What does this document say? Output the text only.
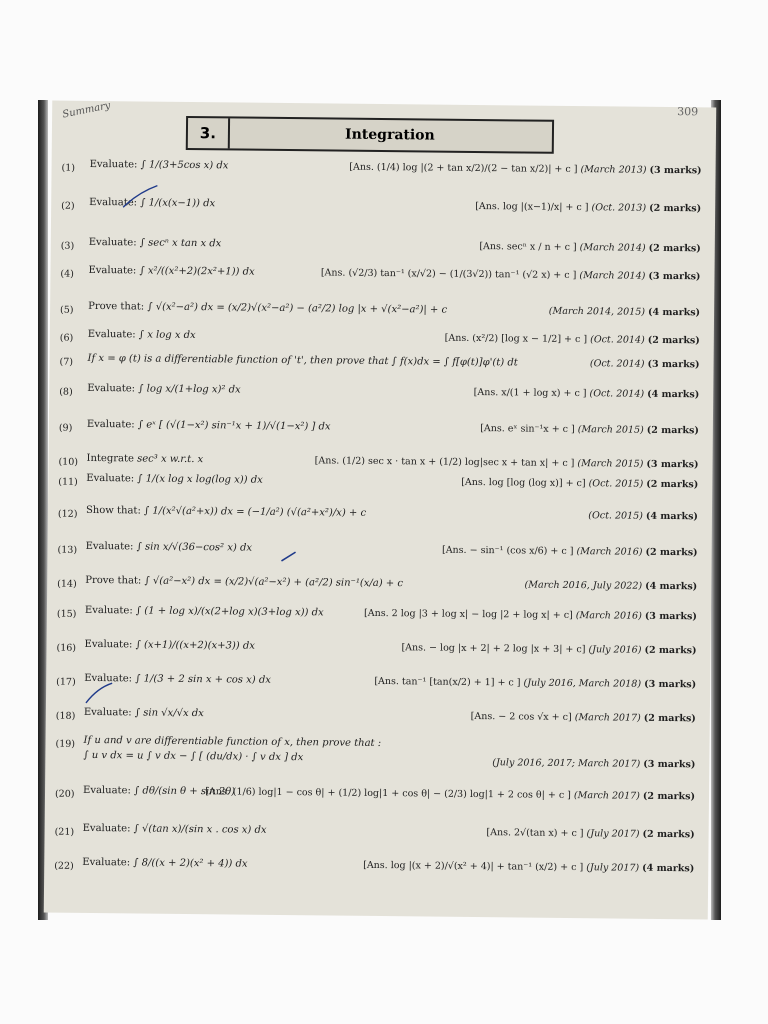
Summary	309
3.	Integration
(1)	Evaluate: ∫ 1/(3+5cos x) dx	[Ans. (1/4) log |(2 + tan x/2)/(2 − tan x/2)| + c ] (March 2013) (3 marks)
(2)	Evaluate: ∫ 1/(x(x−1)) dx	[Ans. log |(x−1)/x| + c ] (Oct. 2013) (2 marks)
(3)	Evaluate: ∫ secⁿ x tan x dx	[Ans. secⁿ x / n + c ] (March 2014) (2 marks)
(4)	Evaluate: ∫ x²/((x²+2)(2x²+1)) dx	[Ans. (√2/3) tan⁻¹ (x/√2) − (1/(3√2)) tan⁻¹ (√2 x) + c ] (March 2014) (3 marks)
(5)	Prove that: ∫ √(x²−a²) dx = (x/2)√(x²−a²) − (a²/2) log |x + √(x²−a²)| + c	(March 2014, 2015) (4 marks)
(6)	Evaluate: ∫ x log x dx	[Ans. (x²/2) [log x − 1/2] + c ] (Oct. 2014) (2 marks)
(7)	If x = φ (t) is a differentiable function of 't', then prove that ∫ f(x)dx = ∫ f[φ(t)]φ'(t) dt	(Oct. 2014) (3 marks)
(8)	Evaluate: ∫ log x/(1+log x)² dx	[Ans. x/(1 + log x) + c ] (Oct. 2014) (4 marks)
(9)	Evaluate: ∫ eˣ [ (√(1−x²) sin⁻¹x + 1)/√(1−x²) ] dx	[Ans. eˣ sin⁻¹x + c ] (March 2015) (2 marks)
(10) Integrate sec³ x w.r.t. x	[Ans. (1/2) sec x · tan x + (1/2) log|sec x + tan x| + c ] (March 2015) (3 marks)
(11) Evaluate: ∫ 1/(x log x log(log x)) dx	[Ans. log [log (log x)] + c] (Oct. 2015) (2 marks)
(12) Show that: ∫ 1/(x²√(a²+x)) dx = (−1/a²) (√(a²+x²)/x) + c	(Oct. 2015) (4 marks)
(13) Evaluate: ∫ sin x/√(36−cos² x) dx	[Ans. − sin⁻¹ (cos x/6) + c ] (March 2016) (2 marks)
(14) Prove that: ∫ √(a²−x²) dx = (x/2)√(a²−x²) + (a²/2) sin⁻¹(x/a) + c	(March 2016, July 2022) (4 marks)
(15) Evaluate: ∫ (1 + log x)/(x(2+log x)(3+log x)) dx	[Ans. 2 log |3 + log x| − log |2 + log x| + c] (March 2016) (3 marks)
(16) Evaluate: ∫ (x+1)/((x+2)(x+3)) dx	[Ans. − log |x + 2| + 2 log |x + 3| + c] (July 2016) (2 marks)
(17) Evaluate: ∫ 1/(3 + 2 sin x + cos x) dx	[Ans. tan⁻¹ [tan(x/2) + 1] + c ] (July 2016, March 2018) (3 marks)
(18) Evaluate: ∫ sin √x/√x dx	[Ans. − 2 cos √x + c] (March 2017) (2 marks)
(19) If u and v are differentiable function of x, then prove that :
∫ u v dx = u ∫ v dx − ∫ [ (du/dx) · ∫ v dx ] dx
(July 2016, 2017; March 2017) (3 marks)
(20) Evaluate: ∫ dθ/(sin θ + sin 2θ)
[Ans. (1/6) log|1 − cos θ| + (1/2) log|1 + cos θ| − (2/3) log|1 + 2 cos θ| + c ] (March 2017) (2 marks)
(21) Evaluate: ∫ √(tan x)/(sin x . cos x) dx	[Ans. 2√(tan x) + c ] (July 2017) (2 marks)
(22) Evaluate: ∫ 8/((x + 2)(x² + 4)) dx	[Ans. log |(x + 2)/√(x² + 4)| + tan⁻¹ (x/2) + c ] (July 2017) (4 marks)
